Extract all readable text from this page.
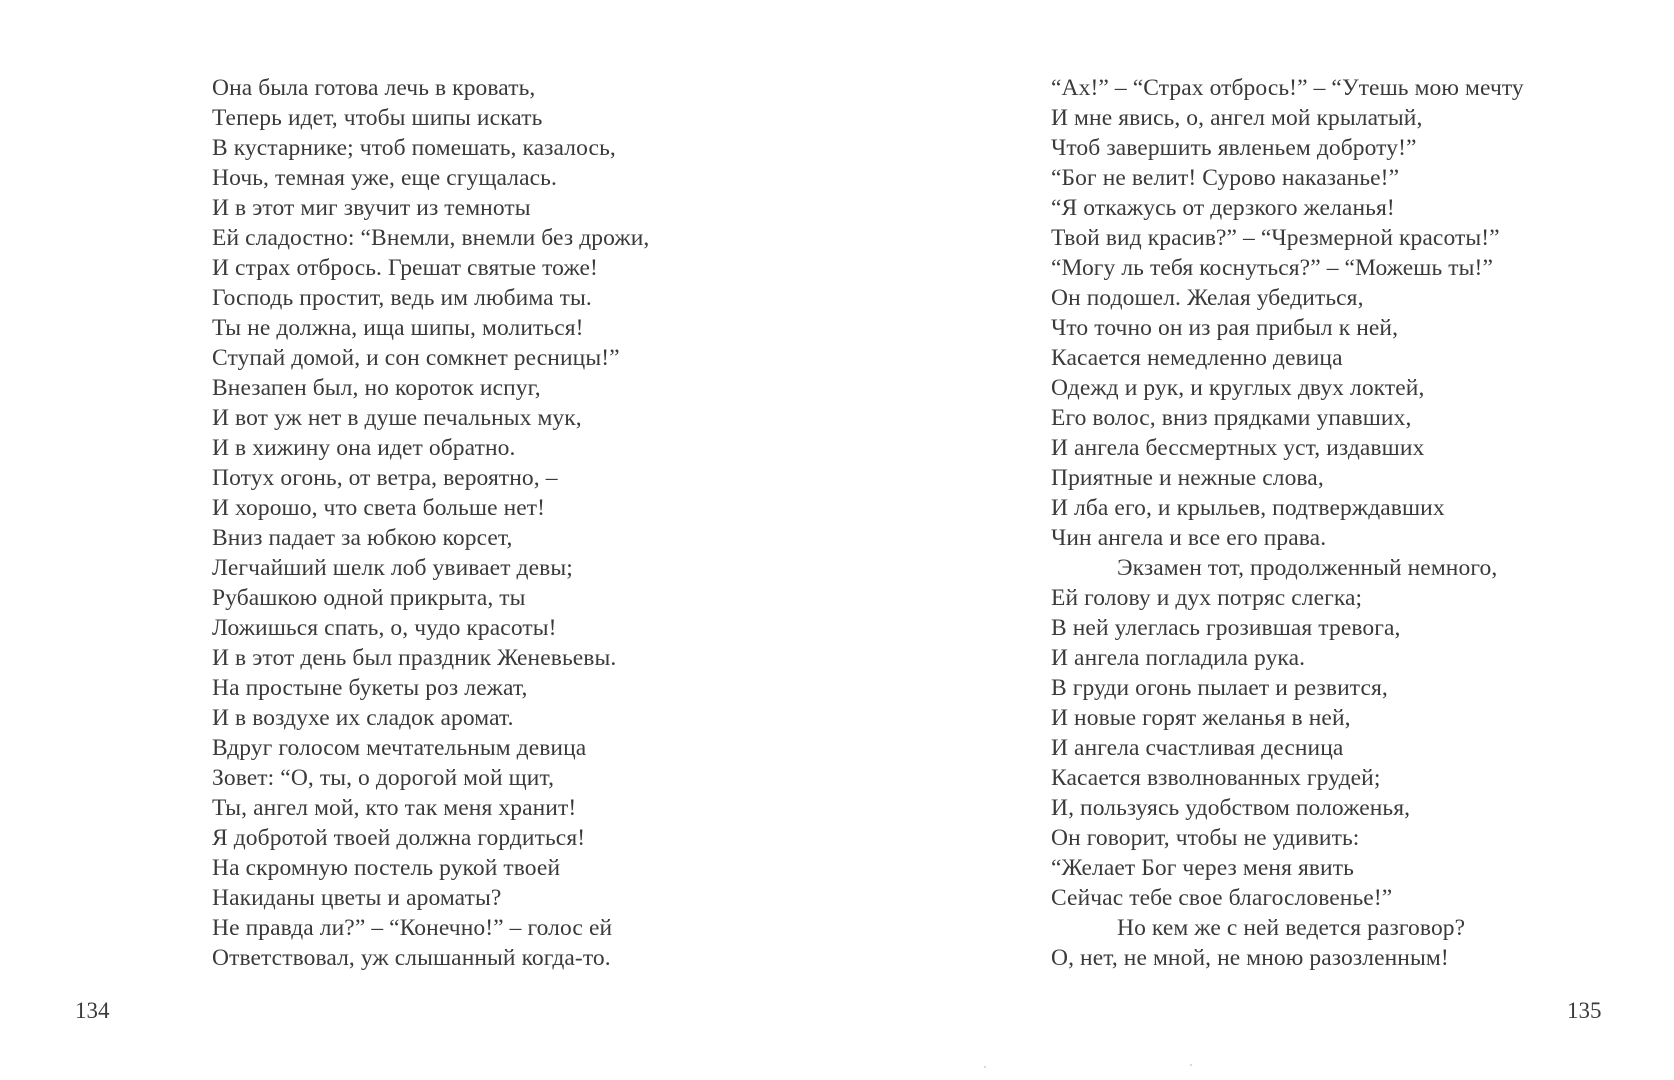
Она была готова лечь в кровать,
Теперь идет, чтобы шипы искать
В кустарнике; чтоб помешать, казалось,
Ночь, темная уже, еще сгущалась.
И в этот миг звучит из темноты
Ей сладостно: “Внемли, внемли без дрожи,
И страх отбрось. Грешат святые тоже!
Господь простит, ведь им любима ты.
Ты не должна, ища шипы, молиться!
Ступай домой, и сон сомкнет ресницы!”
Внезапен был, но короток испуг,
И вот уж нет в душе печальных мук,
И в хижину она идет обратно.
Потух огонь, от ветра, вероятно, –
И хорошо, что света больше нет!
Вниз падает за юбкою корсет,
Легчайший шелк лоб увивает девы;
Рубашкою одной прикрыта, ты
Ложишься спать, о, чудо красоты!
И в этот день был праздник Женевьевы.
На простыне букеты роз лежат,
И в воздухе их сладок аромат.
Вдруг голосом мечтательным девица
Зовет: “О, ты, о дорогой мой щит,
Ты, ангел мой, кто так меня хранит!
Я добротой твоей должна гордиться!
На скромную постель рукой твоей
Накиданы цветы и ароматы?
Не правда ли?” – “Конечно!” – голос ей
Ответствовал, уж слышанный когда-то.
134
“Ах!” – “Страх отбрось!” – “Утешь мою мечту
И мне явись, о, ангел мой крылатый,
Чтоб завершить явленьем доброту!”
“Бог не велит! Сурово наказанье!”
“Я откажусь от дерзкого желанья!
Твой вид красив?” – “Чрезмерной красоты!”
“Могу ль тебя коснуться?” – “Можешь ты!”
Он подошел. Желая убедиться,
Что точно он из рая прибыл к ней,
Касается немедленно девица
Одежд и рук, и круглых двух локтей,
Его волос, вниз прядками упавших,
И ангела бессмертных уст, издавших
Приятные и нежные слова,
И лба его, и крыльев, подтверждавших
Чин ангела и все его права.
Экзамен тот, продолженный немного,
Ей голову и дух потряс слегка;
В ней улеглась грозившая тревога,
И ангела погладила рука.
В груди огонь пылает и резвится,
И новые горят желанья в ней,
И ангела счастливая десница
Касается взволнованных грудей;
И, пользуясь удобством положенья,
Он говорит, чтобы не удивить:
“Желает Бог через меня явить
Сейчас тебе свое благословенье!”
Но кем же с ней ведется разговор?
О, нет, не мной, не мною разозленным!
135
